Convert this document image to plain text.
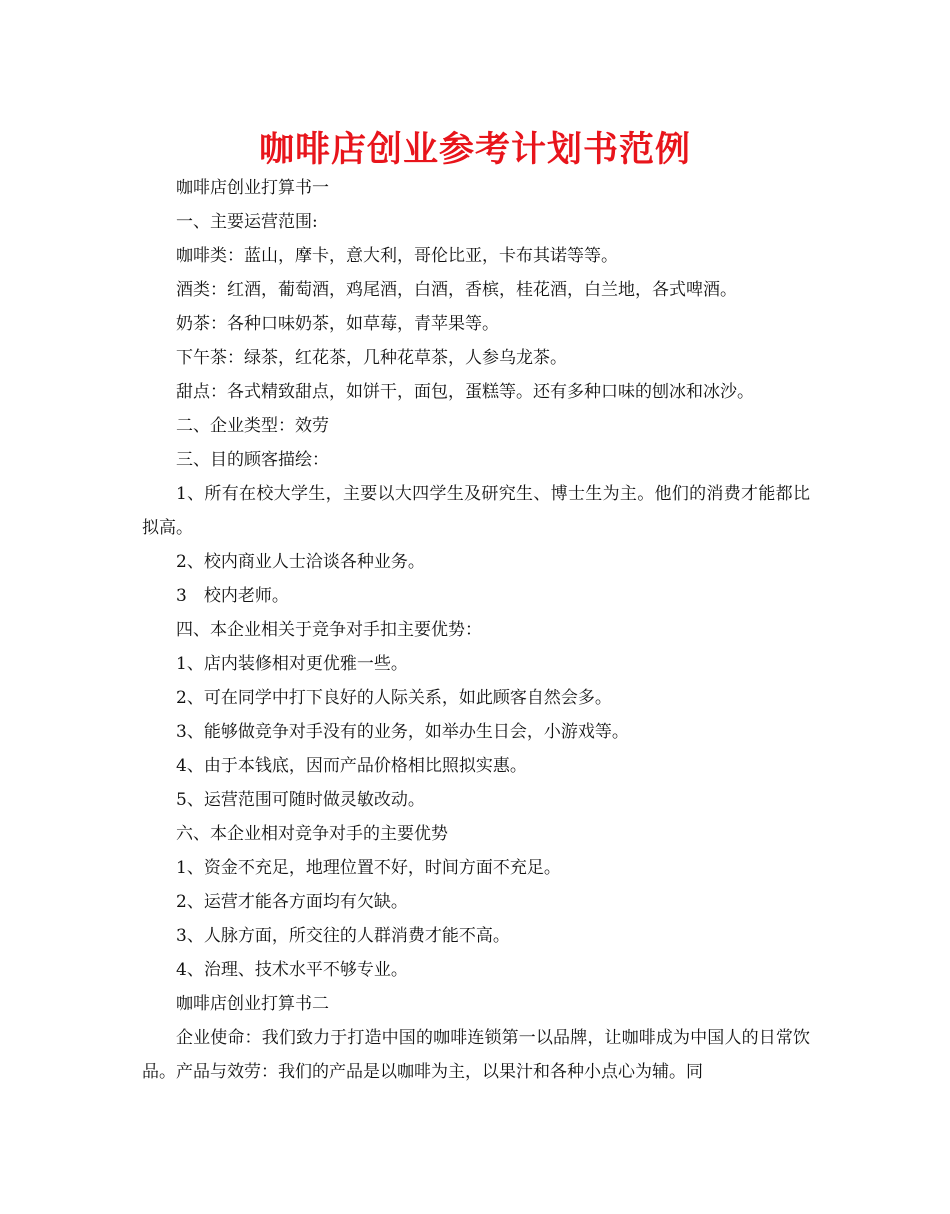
咖啡店创业参考计划书范例

咖啡店创业打算书一

一、主要运营范围:

咖啡类：蓝山，摩卡，意大利，哥伦比亚，卡布其诺等等。

酒类：红酒，葡萄酒，鸡尾酒，白酒，香槟，桂花酒，白兰地，各式啤酒。

奶茶：各种口味奶茶，如草莓，青苹果等。

下午茶：绿茶，红花茶，几种花草茶，人参乌龙茶。

甜点：各式精致甜点，如饼干，面包，蛋糕等。还有多种口味的刨冰和冰沙。

二、企业类型：效劳

三、目的顾客描绘：

1、所有在校大学生，主要以大四学生及研究生、博士生为主。他们的消费才能都比拟高。

2、校内商业人士洽谈各种业务。

3　校内老师。

四、本企业相关于竞争对手扣主要优势：

1、店内装修相对更优雅一些。

2、可在同学中打下良好的人际关系，如此顾客自然会多。

3、能够做竞争对手没有的业务，如举办生日会，小游戏等。

4、由于本钱底，因而产品价格相比照拟实惠。

5、运营范围可随时做灵敏改动。

六、本企业相对竞争对手的主要优势

1、资金不充足，地理位置不好，时间方面不充足。

2、运营才能各方面均有欠缺。

3、人脉方面，所交往的人群消费才能不高。

4、治理、技术水平不够专业。

咖啡店创业打算书二

企业使命：我们致力于打造中国的咖啡连锁第一以品牌，让咖啡成为中国人的日常饮品。产品与效劳：我们的产品是以咖啡为主，以果汁和各种小点心为辅。同
